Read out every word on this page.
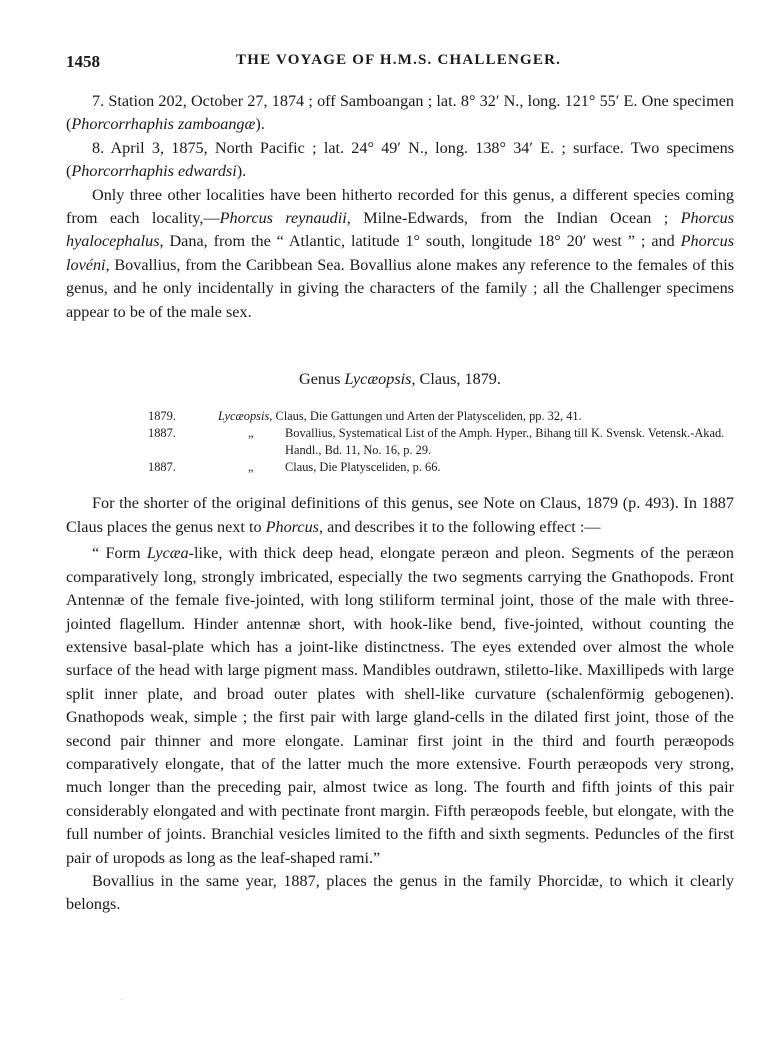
1458	THE VOYAGE OF H.M.S. CHALLENGER.

7. Station 202, October 27, 1874 ; off Samboangan ; lat. 8° 32′ N., long. 121° 55′ E. One specimen (Phorcorrhaphis zamboangæ).

8. April 3, 1875, North Pacific ; lat. 24° 49′ N., long. 138° 34′ E. ; surface. Two specimens (Phorcorrhaphis edwardsi).

Only three other localities have been hitherto recorded for this genus, a different species coming from each locality,—Phorcus reynaudii, Milne-Edwards, from the Indian Ocean ; Phorcus hyalocephalus, Dana, from the “ Atlantic, latitude 1° south, longitude 18° 20′ west ” ; and Phorcus lovéni, Bovallius, from the Caribbean Sea. Bovallius alone makes any reference to the females of this genus, and he only incidentally in giving the characters of the family ; all the Challenger specimens appear to be of the male sex.

Genus Lycæopsis, Claus, 1879.

1879.	Lycæopsis, Claus, Die Gattungen und Arten der Platysceliden, pp. 32, 41.	
1887.	„	Bovallius, Systematical List of the Amph. Hyper., Bihang till K. Svensk. Vetensk.-Akad. Handl., Bd. 11, No. 16, p. 29.
1887.	„	Claus, Die Platysceliden, p. 66.

For the shorter of the original definitions of this genus, see Note on Claus, 1879 (p. 493). In 1887 Claus places the genus next to Phorcus, and describes it to the following effect :—

“ Form Lycæa-like, with thick deep head, elongate peræon and pleon. Segments of the peræon comparatively long, strongly imbricated, especially the two segments carrying the Gnathopods. Front Antennæ of the female five-jointed, with long stiliform terminal joint, those of the male with three-jointed flagellum. Hinder antennæ short, with hook-like bend, five-jointed, without counting the extensive basal-plate which has a joint-like distinctness. The eyes extended over almost the whole surface of the head with large pigment mass. Mandibles outdrawn, stiletto-like. Maxillipeds with large split inner plate, and broad outer plates with shell-like curvature (schalenförmig gebogenen). Gnathopods weak, simple ; the first pair with large gland-cells in the dilated first joint, those of the second pair thinner and more elongate. Laminar first joint in the third and fourth peræopods comparatively elongate, that of the latter much the more extensive. Fourth peræopods very strong, much longer than the preceding pair, almost twice as long. The fourth and fifth joints of this pair considerably elongated and with pectinate front margin. Fifth peræopods feeble, but elongate, with the full number of joints. Branchial vesicles limited to the fifth and sixth segments. Peduncles of the first pair of uropods as long as the leaf-shaped rami.”

Bovallius in the same year, 1887, places the genus in the family Phorcidæ, to which it clearly belongs.

·
